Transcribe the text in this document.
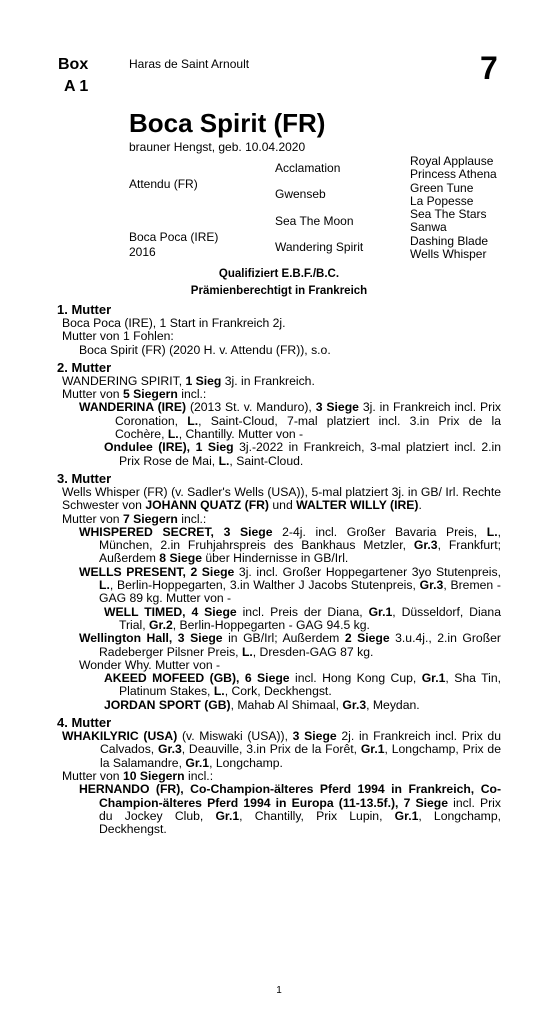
Box
A 1
Haras de Saint Arnoult	7
Boca Spirit (FR)
brauner Hengst, geb. 10.04.2020
Attendu (FR)
Boca Poca (IRE)
2016
Acclamation
Gwenseb
Sea The Moon
Wandering Spirit
Royal Applause
Princess Athena
Green Tune
La Popesse
Sea The Stars
Sanwa
Dashing Blade
Wells Whisper
Qualifiziert E.B.F./B.C.
Prämienberechtigt in Frankreich

1. Mutter

Boca Poca (IRE), 1 Start in Frankreich 2j.

Mutter von 1 Fohlen:

Boca Spirit (FR) (2020 H. v. Attendu (FR)), s.o.

2. Mutter

WANDERING SPIRIT, 1 Sieg 3j. in Frankreich.

Mutter von 5 Siegern incl.:

WANDERINA (IRE) (2013 St. v. Manduro), 3 Siege 3j. in Frankreich incl. Prix Coronation, L., Saint-Cloud, 7-mal platziert incl. 3.in Prix de la Cochère, L., Chantilly. Mutter von -

Ondulee (IRE), 1 Sieg 3j.-2022 in Frankreich, 3-mal platziert incl. 2.in Prix Rose de Mai, L., Saint-Cloud.

3. Mutter

Wells Whisper (FR) (v. Sadler's Wells (USA)), 5-mal platziert 3j. in GB/ Irl. Rechte Schwester von JOHANN QUATZ (FR) und WALTER WILLY (IRE).

Mutter von 7 Siegern incl.:

WHISPERED SECRET, 3 Siege 2-4j. incl. Großer Bavaria Preis, L., München, 2.in Fruhjahrspreis des Bankhaus Metzler, Gr.3, Frankfurt; Außerdem 8 Siege über Hindernisse in GB/Irl.

WELLS PRESENT, 2 Siege 3j. incl. Großer Hoppegartener 3yo Stutenpreis, L., Berlin-Hoppegarten, 3.in Walther J Jacobs Stutenpreis, Gr.3, Bremen - GAG 89 kg. Mutter von -

WELL TIMED, 4 Siege incl. Preis der Diana, Gr.1, Düsseldorf, Diana Trial, Gr.2, Berlin-Hoppegarten - GAG 94.5 kg.

Wellington Hall, 3 Siege in GB/Irl; Außerdem 2 Siege 3.u.4j., 2.in Großer Radeberger Pilsner Preis, L., Dresden-GAG 87 kg.

Wonder Why. Mutter von -

AKEED MOFEED (GB), 6 Siege incl. Hong Kong Cup, Gr.1, Sha Tin, Platinum Stakes, L., Cork, Deckhengst.

JORDAN SPORT (GB), Mahab Al Shimaal, Gr.3, Meydan.

4. Mutter

WHAKILYRIC (USA) (v. Miswaki (USA)), 3 Siege 2j. in Frankreich incl. Prix du Calvados, Gr.3, Deauville, 3.in Prix de la Forêt, Gr.1, Longchamp, Prix de la Salamandre, Gr.1, Longchamp.

Mutter von 10 Siegern incl.:

HERNANDO (FR), Co-Champion-älteres Pferd 1994 in Frankreich, Co-Champion-älteres Pferd 1994 in Europa (11-13.5f.), 7 Siege incl. Prix du Jockey Club, Gr.1, Chantilly, Prix Lupin, Gr.1, Longchamp, Deckhengst.

1
